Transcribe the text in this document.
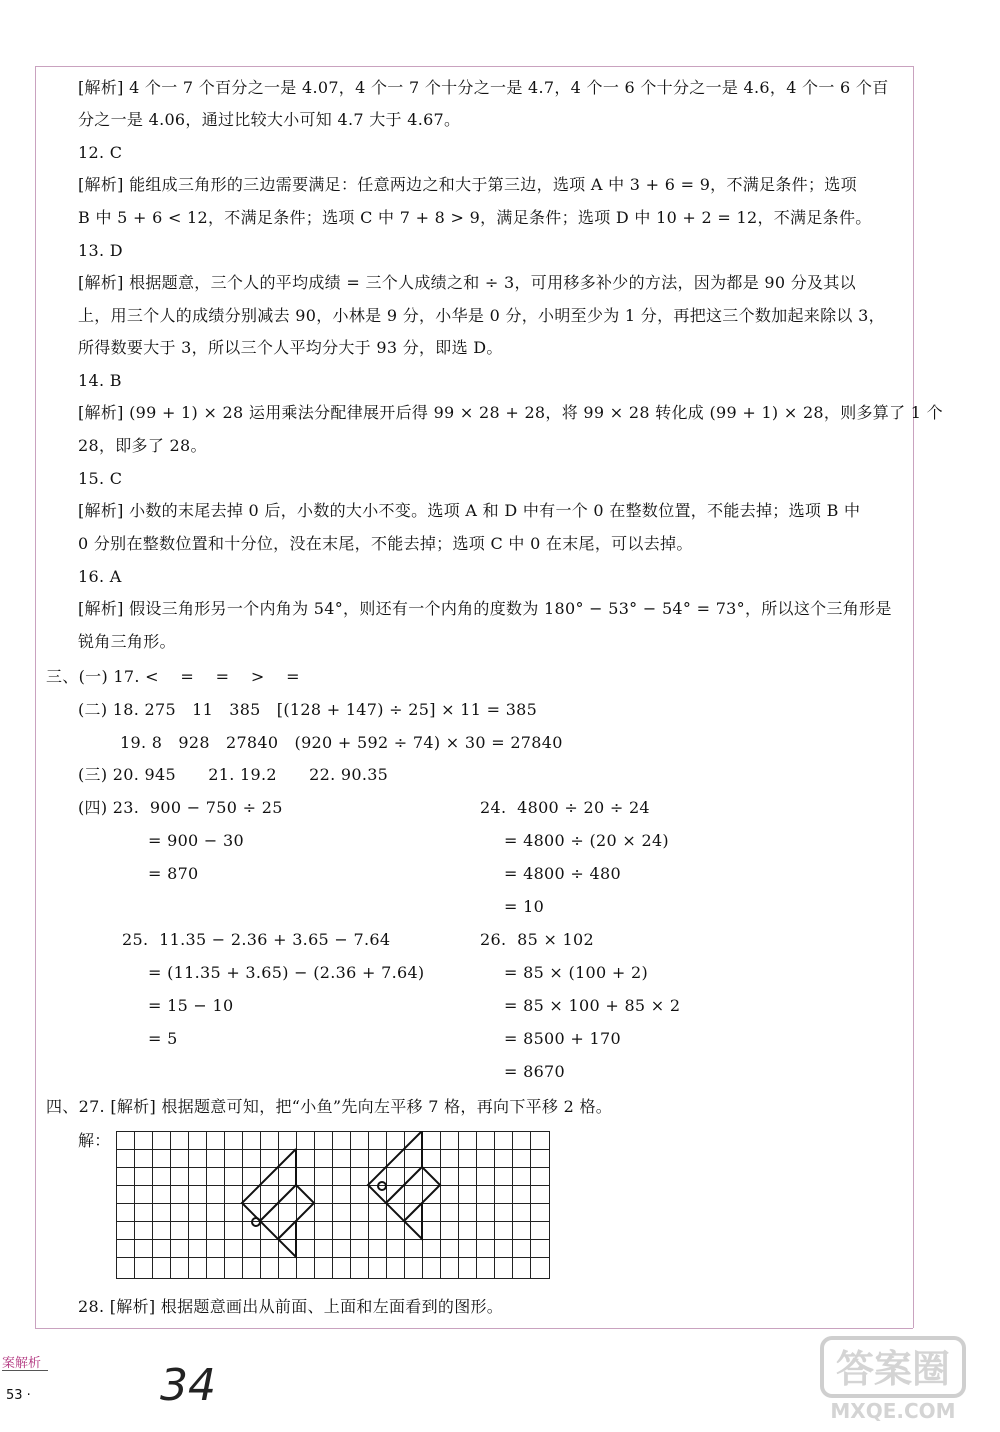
[解析] 4 个一 7 个百分之一是 4.07，4 个一 7 个十分之一是 4.7，4 个一 6 个十分之一是 4.6，4 个一 6 个百
分之一是 4.06，通过比较大小可知 4.7 大于 4.67。
12. C
[解析] 能组成三角形的三边需要满足：任意两边之和大于第三边，选项 A 中 3 + 6 = 9，不满足条件；选项
B 中 5 + 6 < 12，不满足条件；选项 C 中 7 + 8 > 9，满足条件；选项 D 中 10 + 2 = 12，不满足条件。
13. D
[解析] 根据题意，三个人的平均成绩 = 三个人成绩之和 ÷ 3，可用移多补少的方法，因为都是 90 分及其以
上，用三个人的成绩分别减去 90，小林是 9 分，小华是 0 分，小明至少为 1 分，再把这三个数加起来除以 3，
所得数要大于 3，所以三个人平均分大于 93 分，即选 D。
14. B
[解析] (99 + 1) × 28 运用乘法分配律展开后得 99 × 28 + 28，将 99 × 28 转化成 (99 + 1) × 28，则多算了 1 个
28，即多了 28。
15. C
[解析] 小数的末尾去掉 0 后，小数的大小不变。选项 A 和 D 中有一个 0 在整数位置，不能去掉；选项 B 中
0 分别在整数位置和十分位，没在末尾，不能去掉；选项 C 中 0 在末尾，可以去掉。
16. A
[解析] 假设三角形另一个内角为 54°，则还有一个内角的度数为 180° − 53° − 54° = 73°，所以这个三角形是
锐角三角形。
三、(一) 17. <    =    =    >    =
(二) 18. 275   11   385   [(128 + 147) ÷ 25] × 11 = 385
19. 8   928   27840   (920 + 592 ÷ 74) × 30 = 27840
(三) 20. 945      21. 19.2      22. 90.35
(四) 23.  900 − 750 ÷ 25
= 900 − 30
= 870
24.  4800 ÷ 20 ÷ 24
= 4800 ÷ (20 × 24)
= 4800 ÷ 480
= 10
25.  11.35 − 2.36 + 3.65 − 7.64
= (11.35 + 3.65) − (2.36 + 7.64)
= 15 − 10
= 5
26.  85 × 102
= 85 × (100 + 2)
= 85 × 100 + 85 × 2
= 8500 + 170
= 8670
四、27. [解析] 根据题意可知，把“小鱼”先向左平移 7 格，再向下平移 2 格。
解：
28. [解析] 根据题意画出从前面、上面和左面看到的图形。
案解析
53 ·	34	答案圈
MXQE.COM
